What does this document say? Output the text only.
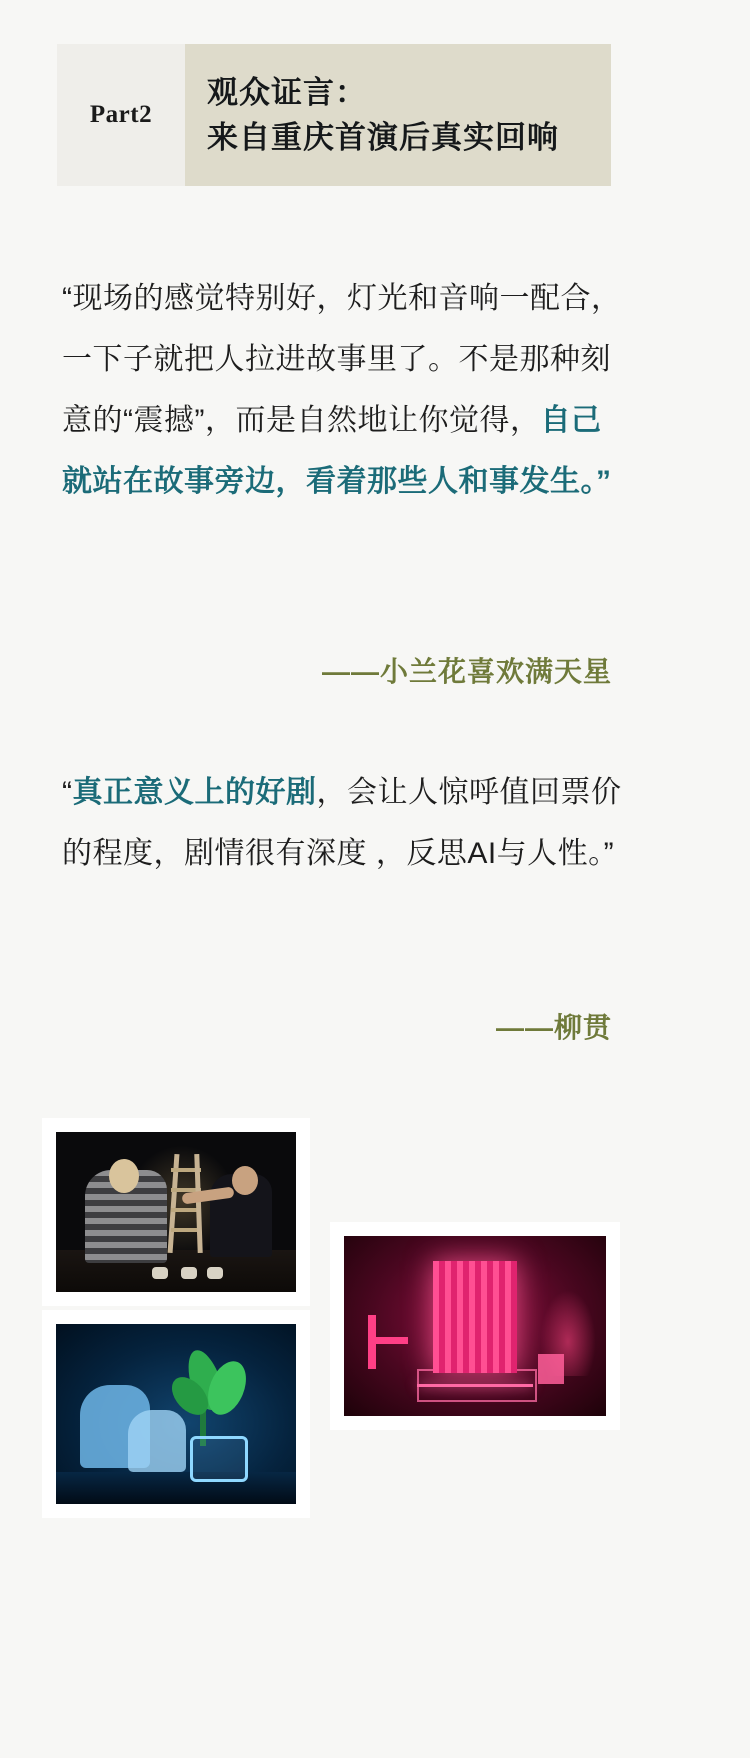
Part2
观众证言：
来自重庆首演后真实回响
“现场的感觉特别好，灯光和音响一配合，一下子就把人拉进故事里了。不是那种刻意的“震撼”，而是自然地让你觉得，自己就站在故事旁边，看着那些人和事发生。”
——小兰花喜欢满天星
“真正意义上的好剧，会让人惊呼值回票价的程度，剧情很有深度 ，反思AI与人性。”
——柳贯
